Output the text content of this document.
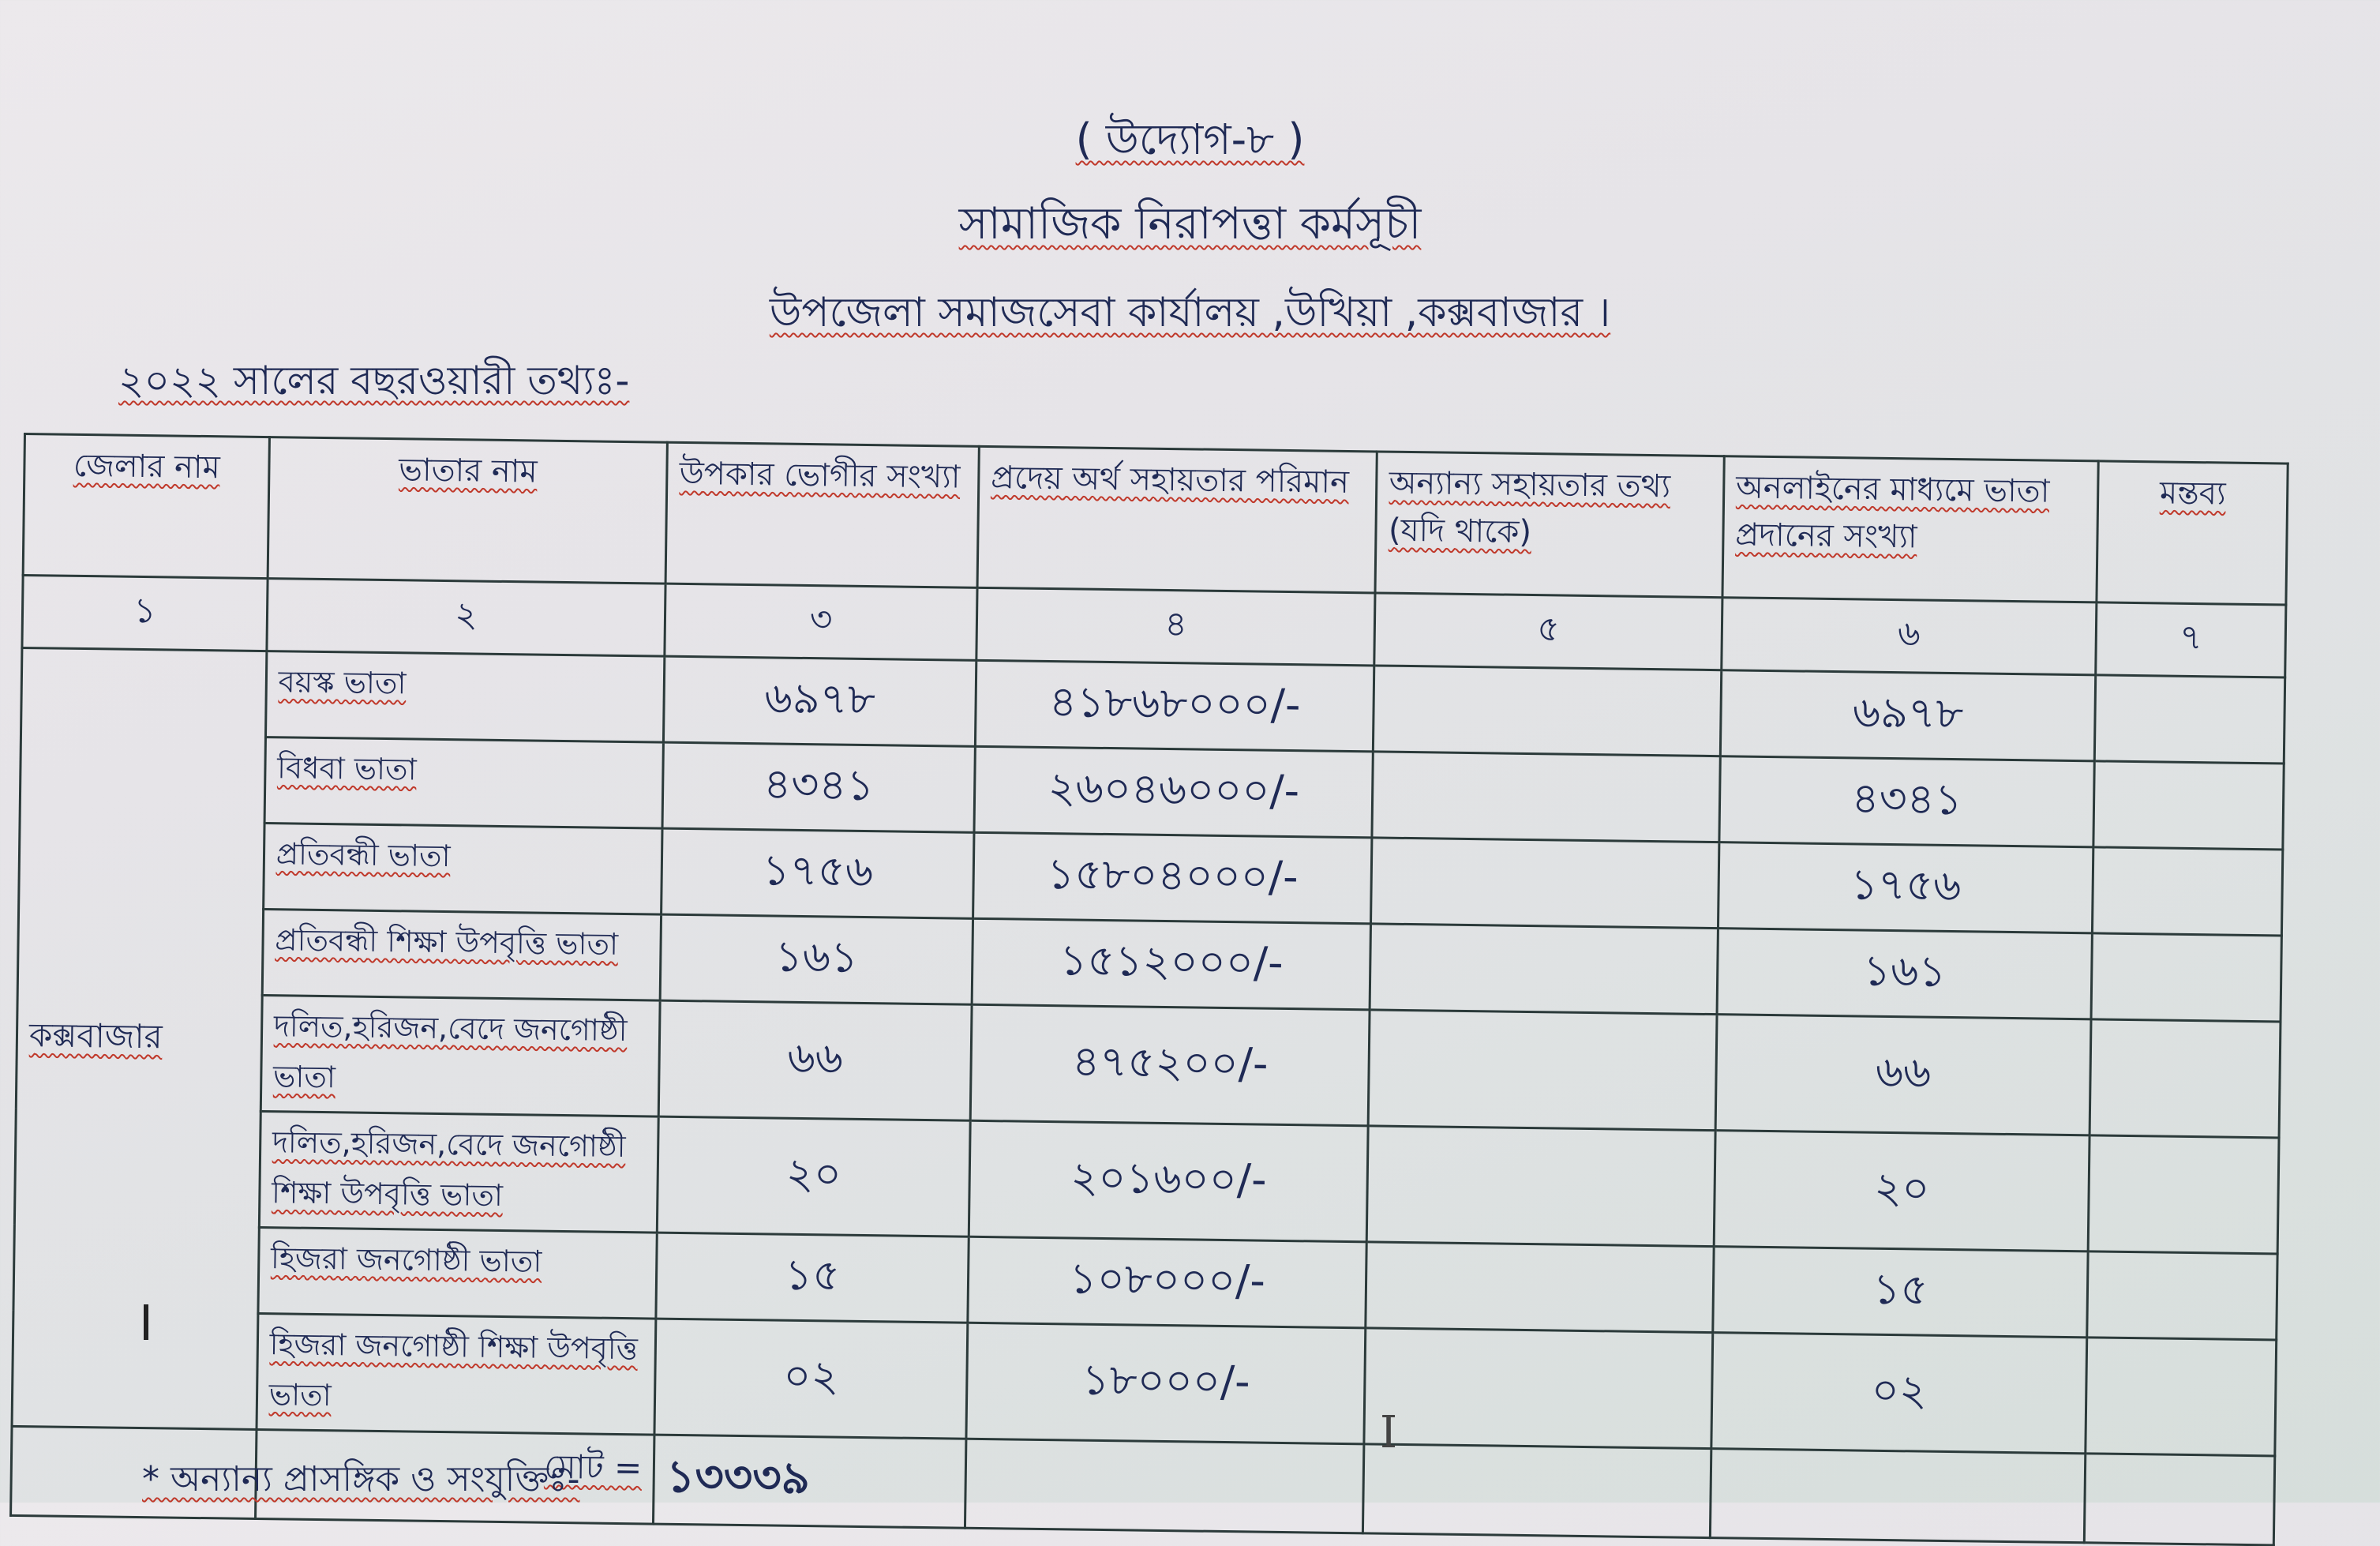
( উদ্যোগ-৮ )
সামাজিক নিরাপত্তা কর্মসূচী
উপজেলা সমাজসেবা কার্যালয় ,উখিয়া ,কক্সবাজার ।
২০২২ সালের বছরওয়ারী তথ্যঃ-
জেলার নাম	ভাতার নাম	উপকার ভোগীর সংখ্যা	প্রদেয় অর্থ সহায়তার পরিমান	অন্যান্য সহায়তার তথ্য (যদি থাকে)	অনলাইনের মাধ্যমে ভাতা প্রদানের সংখ্যা	মন্তব্য
১	২	৩	৪	৫	৬	৭
কক্সবাজার	বয়স্ক ভাতা	৬৯৭৮	৪১৮৬৮০০০/-		৬৯৭৮	
	বিধবা ভাতা	৪৩৪১	২৬০৪৬০০০/-		৪৩৪১	
	প্রতিবন্ধী ভাতা	১৭৫৬	১৫৮০৪০০০/-		১৭৫৬	
	প্রতিবন্ধী শিক্ষা উপবৃত্তি ভাতা	১৬১	১৫১২০০০/-		১৬১	
	দলিত,হরিজন,বেদে জনগোষ্ঠী ভাতা	৬৬	৪৭৫২০০/-		৬৬	
	দলিত,হরিজন,বেদে জনগোষ্ঠী শিক্ষা উপবৃত্তি ভাতা	২০	২০১৬০০/-		২০	
	হিজরা জনগোষ্ঠী ভাতা	১৫	১০৮০০০/-		১৫	
	হিজরা জনগোষ্ঠী শিক্ষা উপবৃত্তি ভাতা	০২	১৮০০০/-		০২	
	মোট =	১৩৩৩৯				
I
* অন্যান্য প্রাসঙ্গিক ও সংযুক্তিঃ-
